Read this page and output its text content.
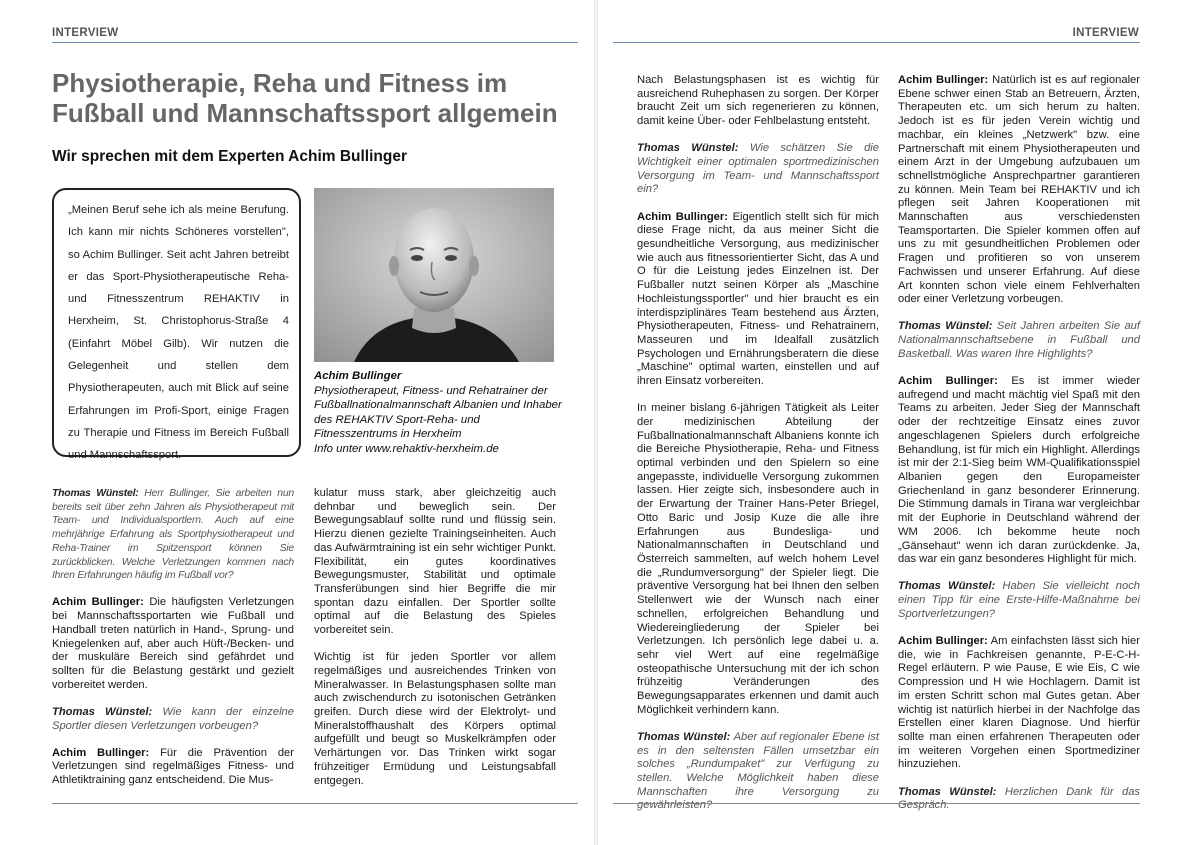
INTERVIEW	INTERVIEW
Physiotherapie, Reha und Fitness im Fußball und Mannschaftssport allgemein
Wir sprechen mit dem Experten Achim Bullinger
„Meinen Beruf sehe ich als meine Berufung. Ich kann mir nichts Schöneres vorstellen", so Achim Bullinger. Seit acht Jahren betreibt er das Sport-Physiotherapeutische Reha- und Fitnesszentrum REHAKTIV in Herxheim, St. Christophorus-Straße 4 (Einfahrt Möbel Gilb). Wir nutzen die Gelegenheit und stellen dem Physiotherapeuten, auch mit Blick auf seine Erfahrungen im Profi-Sport, einige Fragen zu Therapie und Fitness im Bereich Fußball und Mannschaftssport.
Achim Bullinger
Physiotherapeut, Fitness- und Rehatrainer der Fußballnationalmannschaft Albanien und Inhaber des REHAKTIV Sport-Reha- und Fitnesszentrums in Herxheim
Info unter www.rehaktiv-herxheim.de

Thomas Wünstel: Herr Bullinger, Sie arbeiten nun bereits seit über zehn Jahren als Physiotherapeut mit Team- und Individualsportlern. Auch auf eine mehrjährige Erfahrung als Sportphysiotherapeut und Reha-Trainer im Spitzensport können Sie zurückblicken. Welche Verletzungen kommen nach Ihren Erfahrungen häufig im Fußball vor?

Achim Bullinger: Die häufigsten Verletzungen bei Mannschaftssportarten wie Fußball und Handball treten natürlich in Hand-, Sprung- und Kniegelenken auf, aber auch Hüft-/Becken- und der muskuläre Bereich sind gefährdet und sollten für die Belastung gestärkt und gezielt vorbereitet werden.

Thomas Wünstel: Wie kann der einzelne Sportler diesen Verletzungen vorbeugen?

Achim Bullinger: Für die Prävention der Verletzungen sind regelmäßiges Fitness- und Athletiktraining ganz entscheidend. Die Mus-

kulatur muss stark, aber gleichzeitig auch dehnbar und beweglich sein. Der Bewegungsablauf sollte rund und flüssig sein. Hierzu dienen gezielte Trainingseinheiten. Auch das Aufwärmtraining ist ein sehr wichtiger Punkt. Flexibilität, ein gutes koordinatives Bewegungsmuster, Stabilität und optimale Transferübungen sind hier Begriffe die mir spontan dazu einfallen. Der Sportler sollte optimal auf die Belastung des Spieles vorbereitet sein.

Wichtig ist für jeden Sportler vor allem regelmäßiges und ausreichendes Trinken von Mineralwasser. In Belastungsphasen sollte man auch zwischendurch zu isotonischen Getränken greifen. Durch diese wird der Elektrolyt- und Mineralstoffhaushalt des Körpers optimal aufgefüllt und beugt so Muskelkrämpfen oder Verhärtungen vor. Das Trinken wirkt sogar frühzeitiger Ermüdung und Leistungsabfall entgegen.

Nach Belastungsphasen ist es wichtig für ausreichend Ruhephasen zu sorgen. Der Körper braucht Zeit um sich regenerieren zu können, damit keine Über- oder Fehlbelastung entsteht.

Thomas Wünstel: Wie schätzen Sie die Wichtigkeit einer optimalen sportmedizinischen Versorgung im Team- und Mannschaftssport ein?

Achim Bullinger: Eigentlich stellt sich für mich diese Frage nicht, da aus meiner Sicht die gesundheitliche Versorgung, aus medizinischer wie auch aus fitnessorientierter Sicht, das A und O für die Leistung jedes Einzelnen ist. Der Fußballer nutzt seinen Körper als „Maschine Hochleistungssportler" und hier braucht es ein interdispziplinäres Team bestehend aus Ärzten, Physiotherapeuten, Fitness- und Rehatrainern, Masseuren und im Idealfall zusätzlich Psychologen und Ernährungsberatern die diese „Maschine" optimal warten, einstellen und auf ihren Einsatz vorbereiten.

In meiner bislang 6-jährigen Tätigkeit als Leiter der medizinischen Abteilung der Fußballnationalmannschaft Albaniens konnte ich die Bereiche Physiotherapie, Reha- und Fitness optimal verbinden und den Spielern so eine angepasste, individuelle Versorgung zukommen lassen. Hier zeigte sich, insbesondere auch in der Erwartung der Trainer Hans-Peter Briegel, Otto Baric und Josip Kuze die alle ihre Erfahrungen aus Bundesliga- und Nationalmannschaften in Deutschland und Österreich sammelten, auf welch hohem Level die „Rundumversorgung" der Spieler liegt. Die präventive Versorgung hat bei Ihnen den selben Stellenwert wie der Wunsch nach einer schnellen, erfolgreichen Behandlung und Wiedereingliederung der Spieler bei Verletzungen. Ich persönlich lege dabei u. a. sehr viel Wert auf eine regelmäßige osteopathische Untersuchung mit der ich schon frühzeitig Veränderungen des Bewegungsapparates erkennen und damit auch Möglichkeit verhindern kann.

Thomas Wünstel: Aber auf regionaler Ebene ist es in den seltensten Fällen umsetzbar ein solches „Rundumpaket" zur Verfügung zu stellen. Welche Möglichkeit haben diese Mannschaften ihre Versorgung zu gewährleisten?

Achim Bullinger: Natürlich ist es auf regionaler Ebene schwer einen Stab an Betreuern, Ärzten, Therapeuten etc. um sich herum zu halten. Jedoch ist es für jeden Verein wichtig und machbar, ein kleines „Netzwerk" bzw. eine Partnerschaft mit einem Physiotherapeuten und einem Arzt in der Umgebung aufzubauen um schnellstmögliche Ansprechpartner garantieren zu können. Mein Team bei REHAKTIV und ich pflegen seit Jahren Kooperationen mit Mannschaften aus verschiedensten Teamsportarten. Die Spieler kommen offen auf uns zu mit gesundheitlichen Problemen oder Fragen und profitieren so von unserem Fachwissen und unserer Erfahrung. Auf diese Art konnten schon viele einem Fehlverhalten oder einer Verletzung vorbeugen.

Thomas Wünstel: Seit Jahren arbeiten Sie auf Nationalmannschaftsebene in Fußball und Basketball. Was waren Ihre Highlights?

Achim Bullinger: Es ist immer wieder aufregend und macht mächtig viel Spaß mit den Teams zu arbeiten. Jeder Sieg der Mannschaft oder der rechtzeitige Einsatz eines zuvor angeschlagenen Spielers durch erfolgreiche Behandlung, ist für mich ein Highlight. Allerdings ist mir der 2:1-Sieg beim WM-Qualifikationsspiel Albanien gegen den Europameister Griechenland in ganz besonderer Erinnerung. Die Stimmung damals in Tirana war vergleichbar mit der Euphorie in Deutschland während der WM 2006. Ich bekomme heute noch „Gänsehaut" wenn ich daran zurückdenke. Ja, das war ein ganz besonderes Highlight für mich.

Thomas Wünstel: Haben Sie vielleicht noch einen Tipp für eine Erste-Hilfe-Maßnahme bei Sportverletzungen?

Achim Bullinger: Am einfachsten lässt sich hier die, wie in Fachkreisen genannte, P-E-C-H-Regel erläutern. P wie Pause, E wie Eis, C wie Compression und H wie Hochlagern. Damit ist im ersten Schritt schon mal Gutes getan. Aber wichtig ist natürlich hierbei in der Nachfolge das Erstellen einer klaren Diagnose. Und hierfür sollte man einen erfahrenen Therapeuten oder im weiteren Vorgehen einen Sportmediziner hinzuziehen.

Thomas Wünstel: Herzlichen Dank für das Gespräch.
